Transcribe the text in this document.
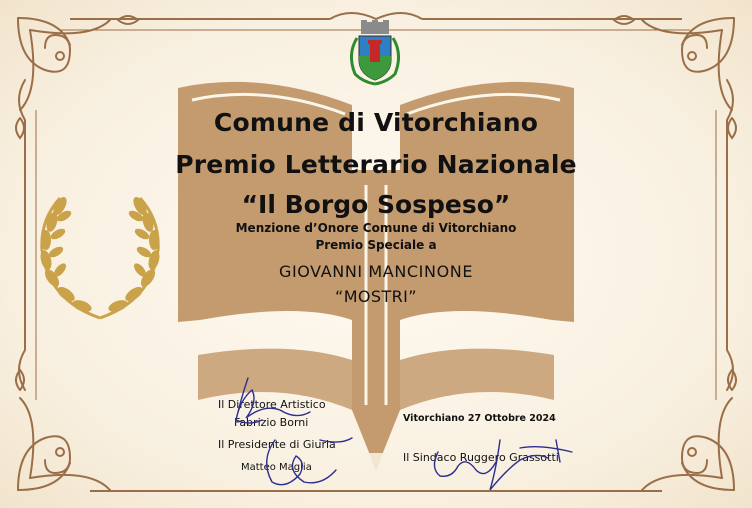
Comune di Vitorchiano
Premio Letterario Nazionale
“Il Borgo Sospeso”
Menzione d’Onore Comune di Vitorchiano
Premio Speciale a
GIOVANNI MANCINONE
“MOSTRI”
Il Direttore Artistico
Fabrizio Borni
Il Presidente di Giuria
Matteo Maglia
Vitorchiano 27 Ottobre 2024
Il Sindaco Ruggero Grassotti
